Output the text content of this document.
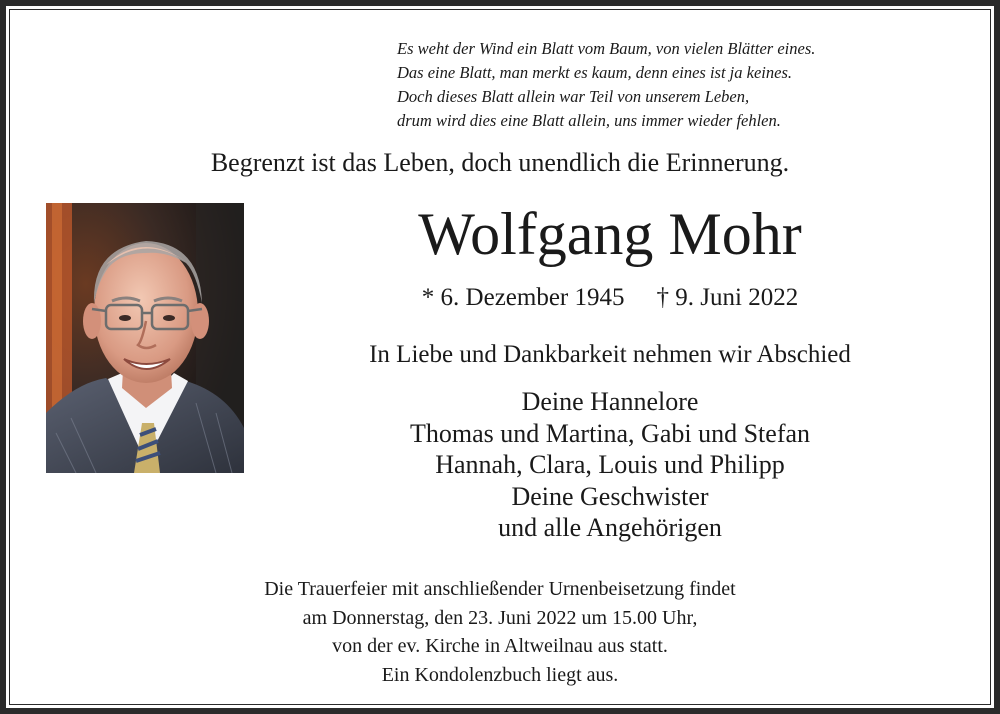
Es weht der Wind ein Blatt vom Baum, von vielen Blätter eines.
Das eine Blatt, man merkt es kaum, denn eines ist ja keines.
Doch dieses Blatt allein war Teil von unserem Leben,
drum wird dies eine Blatt allein, uns immer wieder fehlen.
Begrenzt ist das Leben, doch unendlich die Erinnerung.
Wolfgang Mohr
* 6. Dezember 1945 † 9. Juni 2022
In Liebe und Dankbarkeit nehmen wir Abschied
Deine Hannelore
Thomas und Martina, Gabi und Stefan
Hannah, Clara, Louis und Philipp
Deine Geschwister
und alle Angehörigen
Die Trauerfeier mit anschließender Urnenbeisetzung findet
am Donnerstag, den 23. Juni 2022 um 15.00 Uhr,
von der ev. Kirche in Altweilnau aus statt.
Ein Kondolenzbuch liegt aus.
